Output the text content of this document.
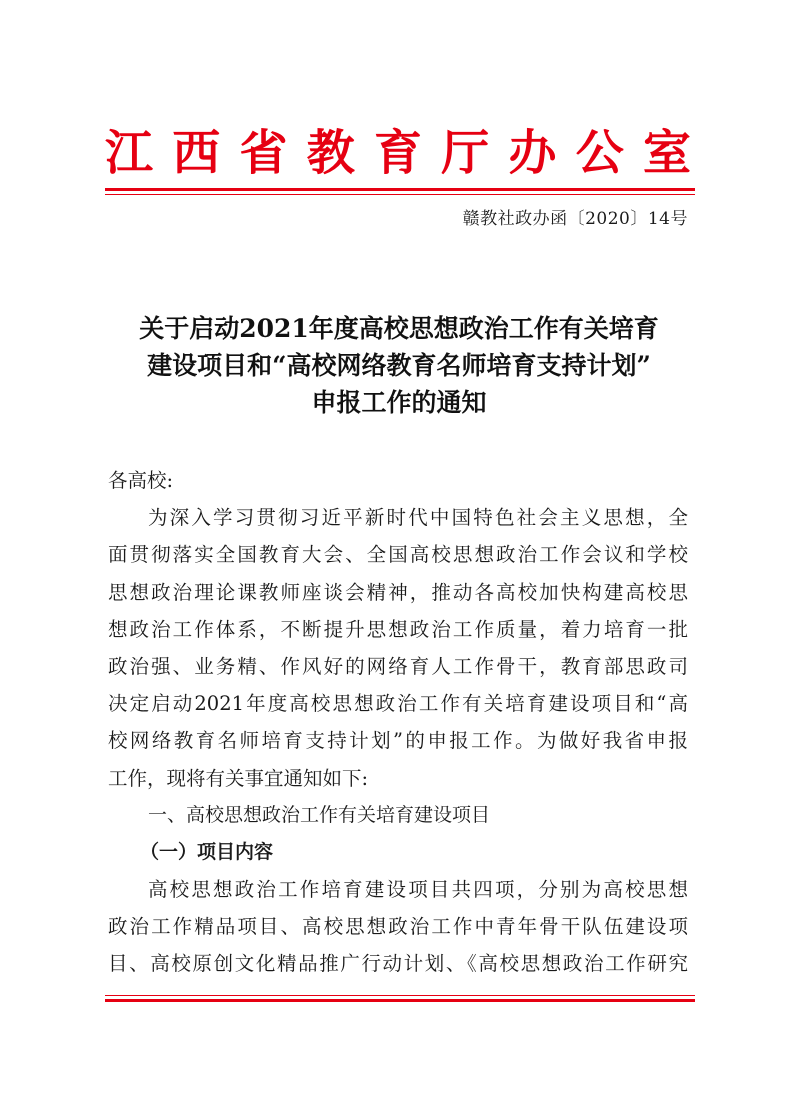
江西省教育厅办公室
赣教社政办函〔2020〕14号
关于启动2021年度高校思想政治工作有关培育
建设项目和“高校网络教育名师培育支持计划”
申报工作的通知
各高校:
为深入学习贯彻习近平新时代中国特色社会主义思想，全
面贯彻落实全国教育大会、全国高校思想政治工作会议和学校
思想政治理论课教师座谈会精神，推动各高校加快构建高校思
想政治工作体系，不断提升思想政治工作质量，着力培育一批
政治强、业务精、作风好的网络育人工作骨干，教育部思政司
决定启动2021年度高校思想政治工作有关培育建设项目和“高
校网络教育名师培育支持计划”的申报工作。为做好我省申报
工作，现将有关事宜通知如下:
一、高校思想政治工作有关培育建设项目
（一）项目内容
高校思想政治工作培育建设项目共四项，分别为高校思想
政治工作精品项目、高校思想政治工作中青年骨干队伍建设项
目、高校原创文化精品推广行动计划、《高校思想政治工作研究
